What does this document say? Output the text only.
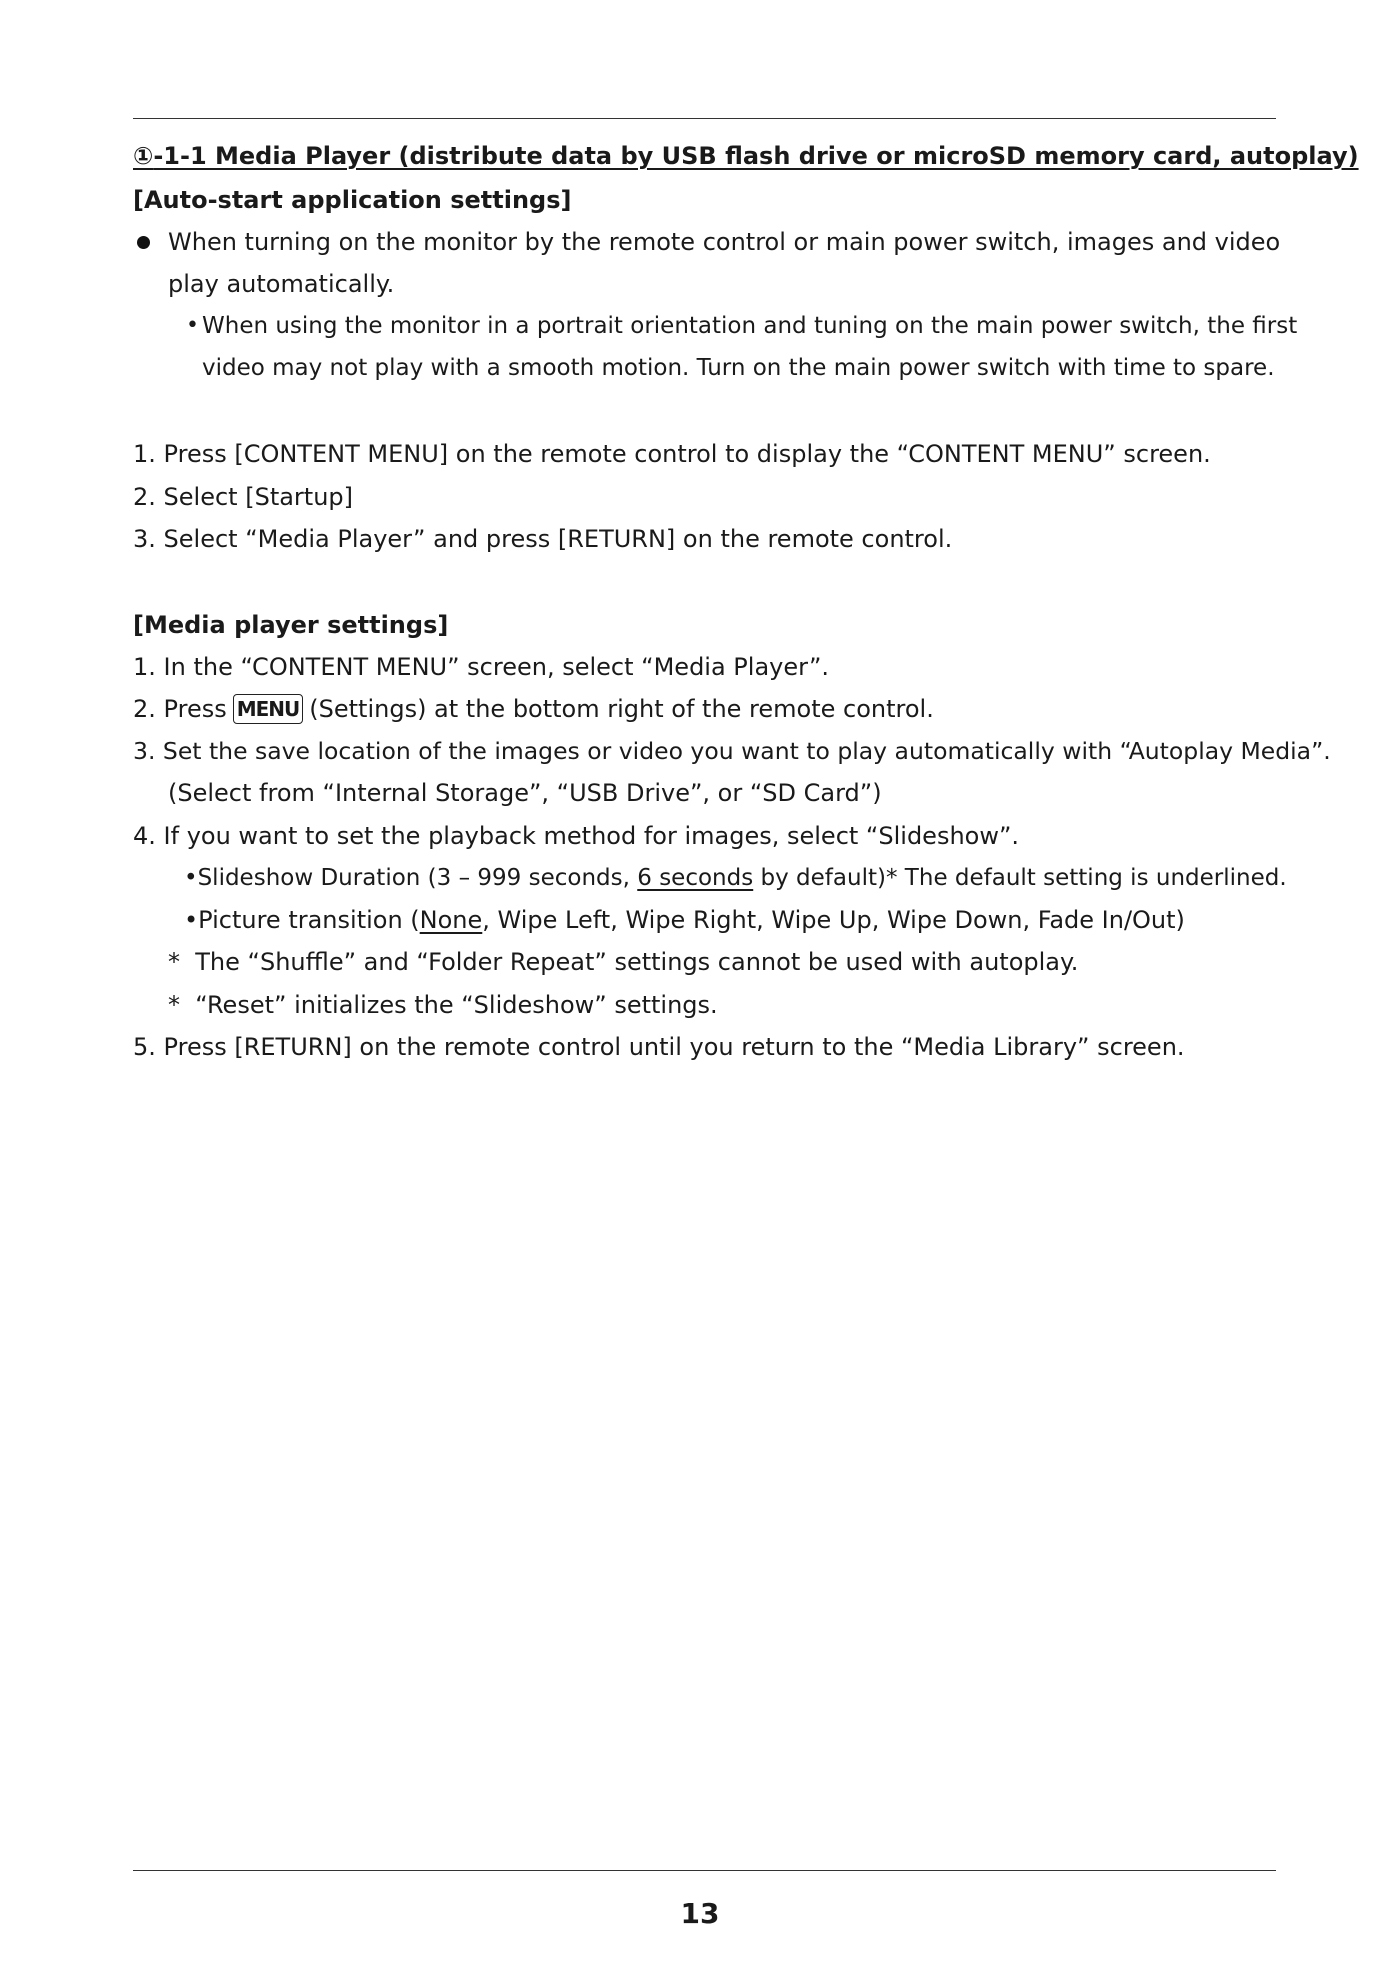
①-1-1 Media Player (distribute data by USB flash drive or microSD memory card, autoplay)
[Auto-start application settings]
When turning on the monitor by the remote control or main power switch, images and video
play automatically.
• When using the monitor in a portrait orientation and tuning on the main power switch, the first
video may not play with a smooth motion. Turn on the main power switch with time to spare.
1. Press [CONTENT MENU] on the remote control to display the “CONTENT MENU” screen.
2. Select [Startup]
3. Select “Media Player” and press [RETURN] on the remote control.
[Media player settings]
1. In the “CONTENT MENU” screen, select “Media Player”.
2. Press MENU (Settings) at the bottom right of the remote control.
3. Set the save location of the images or video you want to play automatically with “Autoplay Media”.
(Select from “Internal Storage”, “USB Drive”, or “SD Card”)
4. If you want to set the playback method for images, select “Slideshow”.
•Slideshow Duration (3 – 999 seconds, 6 seconds by default) * The default setting is underlined.
•Picture transition (None, Wipe Left, Wipe Right, Wipe Up, Wipe Down, Fade In/Out)
* The “Shuffle” and “Folder Repeat” settings cannot be used with autoplay.
* “Reset” initializes the “Slideshow” settings.
5. Press [RETURN] on the remote control until you return to the “Media Library” screen.
13
